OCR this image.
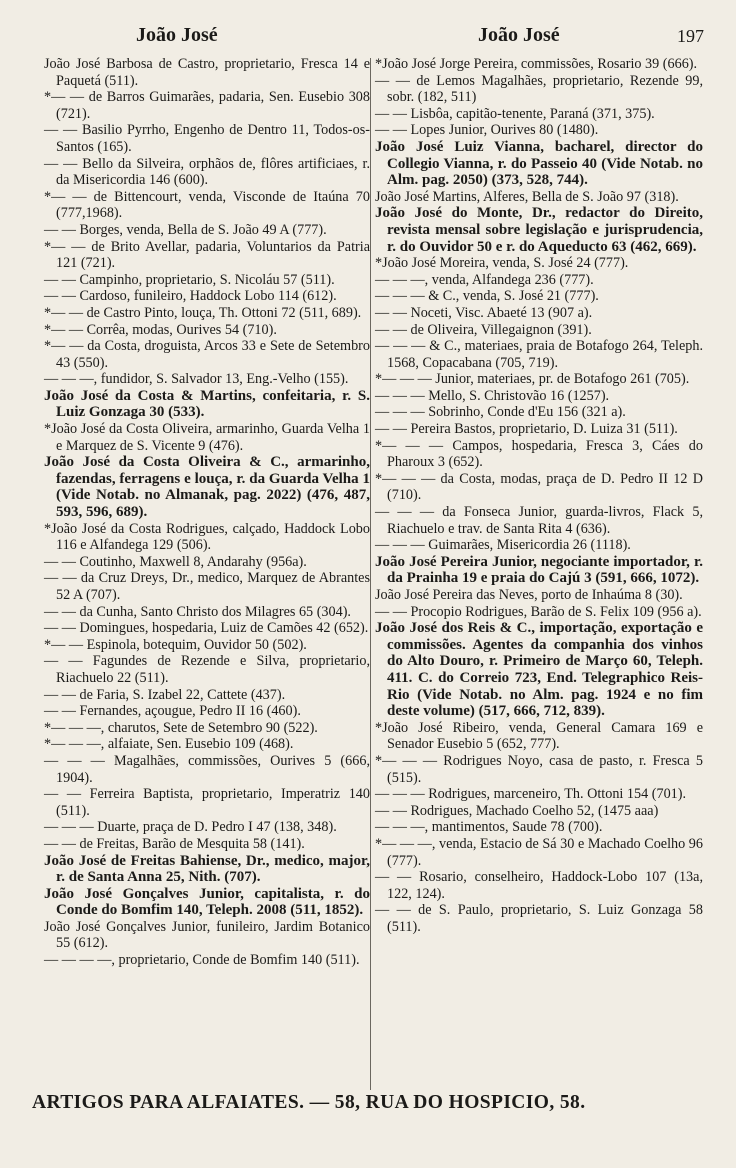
João José	João José	197

João José Barbosa de Castro, proprietario, Fresca 14 e Paquetá (511).

*— — de Barros Guimarães, padaria, Sen. Eusebio 308 (721).

— — Basilio Pyrrho, Engenho de Dentro 11, Todos-os-Santos (165).

— — Bello da Silveira, orphãos de, flôres artificiaes, r. da Misericordia 146 (600).

*— — de Bittencourt, venda, Visconde de Itaúna 70 (777,1968).

— — Borges, venda, Bella de S. João 49 A (777).

*— — de Brito Avellar, padaria, Voluntarios da Patria 121 (721).

— — Campinho, proprietario, S. Nicoláu 57 (511).

— — Cardoso, funileiro, Haddock Lobo 114 (612).

*— — de Castro Pinto, louça, Th. Ottoni 72 (511, 689).

*— — Corrêa, modas, Ourives 54 (710).

*— — da Costa, droguista, Arcos 33 e Sete de Setembro 43 (550).

— — —, fundidor, S. Salvador 13, Eng.-Velho (155).

João José da Costa & Martins, confeitaria, r. S. Luiz Gonzaga 30 (533).

*João José da Costa Oliveira, armarinho, Guarda Velha 1 e Marquez de S. Vicente 9 (476).

João José da Costa Oliveira & C., armarinho, fazendas, ferragens e louça, r. da Guarda Velha 1 (Vide Notab. no Almanak, pag. 2022) (476, 487, 593, 596, 689).

*João José da Costa Rodrigues, calçado, Haddock Lobo 116 e Alfandega 129 (506).

— — Coutinho, Maxwell 8, Andarahy (956a).

— — da Cruz Dreys, Dr., medico, Marquez de Abrantes 52 A (707).

— — da Cunha, Santo Christo dos Milagres 65 (304).

— — Domingues, hospedaria, Luiz de Camões 42 (652).

*— — Espinola, botequim, Ouvidor 50 (502).

— — Fagundes de Rezende e Silva, proprietario, Riachuelo 22 (511).

— — de Faria, S. Izabel 22, Cattete (437).

— — Fernandes, açougue, Pedro II 16 (460).

*— — —, charutos, Sete de Setembro 90 (522).

*— — —, alfaiate, Sen. Eusebio 109 (468).

— — — Magalhães, commissões, Ourives 5 (666, 1904).

— — Ferreira Baptista, proprietario, Imperatriz 140 (511).

— — — Duarte, praça de D. Pedro I 47 (138, 348).

— — de Freitas, Barão de Mesquita 58 (141).

João José de Freitas Bahiense, Dr., medico, major, r. de Santa Anna 25, Nith. (707).

João José Gonçalves Junior, capitalista, r. do Conde do Bomfim 140, Teleph. 2008 (511, 1852).

João José Gonçalves Junior, funileiro, Jardim Botanico 55 (612).

— — — —, proprietario, Conde de Bomfim 140 (511).

*João José Jorge Pereira, commissões, Rosario 39 (666).

— — de Lemos Magalhães, proprietario, Rezende 99, sobr. (182, 511)

— — Lisbôa, capitão-tenente, Paraná (371, 375).

— — Lopes Junior, Ourives 80 (1480).

João José Luiz Vianna, bacharel, director do Collegio Vianna, r. do Passeio 40 (Vide Notab. no Alm. pag. 2050) (373, 528, 744).

João José Martins, Alferes, Bella de S. João 97 (318).

João José do Monte, Dr., redactor do Direito, revista mensal sobre legislação e jurisprudencia, r. do Ouvidor 50 e r. do Aqueducto 63 (462, 669).

*João José Moreira, venda, S. José 24 (777).

— — —, venda, Alfandega 236 (777).

— — — & C., venda, S. José 21 (777).

— — Noceti, Visc. Abaeté 13 (907 a).

— — de Oliveira, Villegaignon (391).

— — — & C., materiaes, praia de Botafogo 264, Teleph. 1568, Copacabana (705, 719).

*— — — Junior, materiaes, pr. de Botafogo 261 (705).

— — — Mello, S. Christovão 16 (1257).

— — — Sobrinho, Conde d'Eu 156 (321 a).

— — Pereira Bastos, proprietario, D. Luiza 31 (511).

*— — — Campos, hospedaria, Fresca 3, Cáes do Pharoux 3 (652).

*— — — da Costa, modas, praça de D. Pedro II 12 D (710).

— — — da Fonseca Junior, guarda-livros, Flack 5, Riachuelo e trav. de Santa Rita 4 (636).

— — — Guimarães, Misericordia 26 (1118).

João José Pereira Junior, negociante importador, r. da Prainha 19 e praia do Cajú 3 (591, 666, 1072).

João José Pereira das Neves, porto de Inhaúma 8 (30).

— — Procopio Rodrigues, Barão de S. Felix 109 (956 a).

João José dos Reis & C., importação, exportação e commissões. Agentes da companhia dos vinhos do Alto Douro, r. Primeiro de Março 60, Teleph. 411. C. do Correio 723, End. Telegraphico Reis-Rio (Vide Notab. no Alm. pag. 1924 e no fim deste volume) (517, 666, 712, 839).

*João José Ribeiro, venda, General Camara 169 e Senador Eusebio 5 (652, 777).

*— — — Rodrigues Noyo, casa de pasto, r. Fresca 5 (515).

— — — Rodrigues, marceneiro, Th. Ottoni 154 (701).

— — Rodrigues, Machado Coelho 52, (1475 aaa)

— — —, mantimentos, Saude 78 (700).

*— — —, venda, Estacio de Sá 30 e Machado Coelho 96 (777).

— — Rosario, conselheiro, Haddock-Lobo 107 (13a, 122, 124).

— — de S. Paulo, proprietario, S. Luiz Gonzaga 58 (511).

ARTIGOS PARA ALFAIATES. — 58, RUA DO HOSPICIO, 58.
